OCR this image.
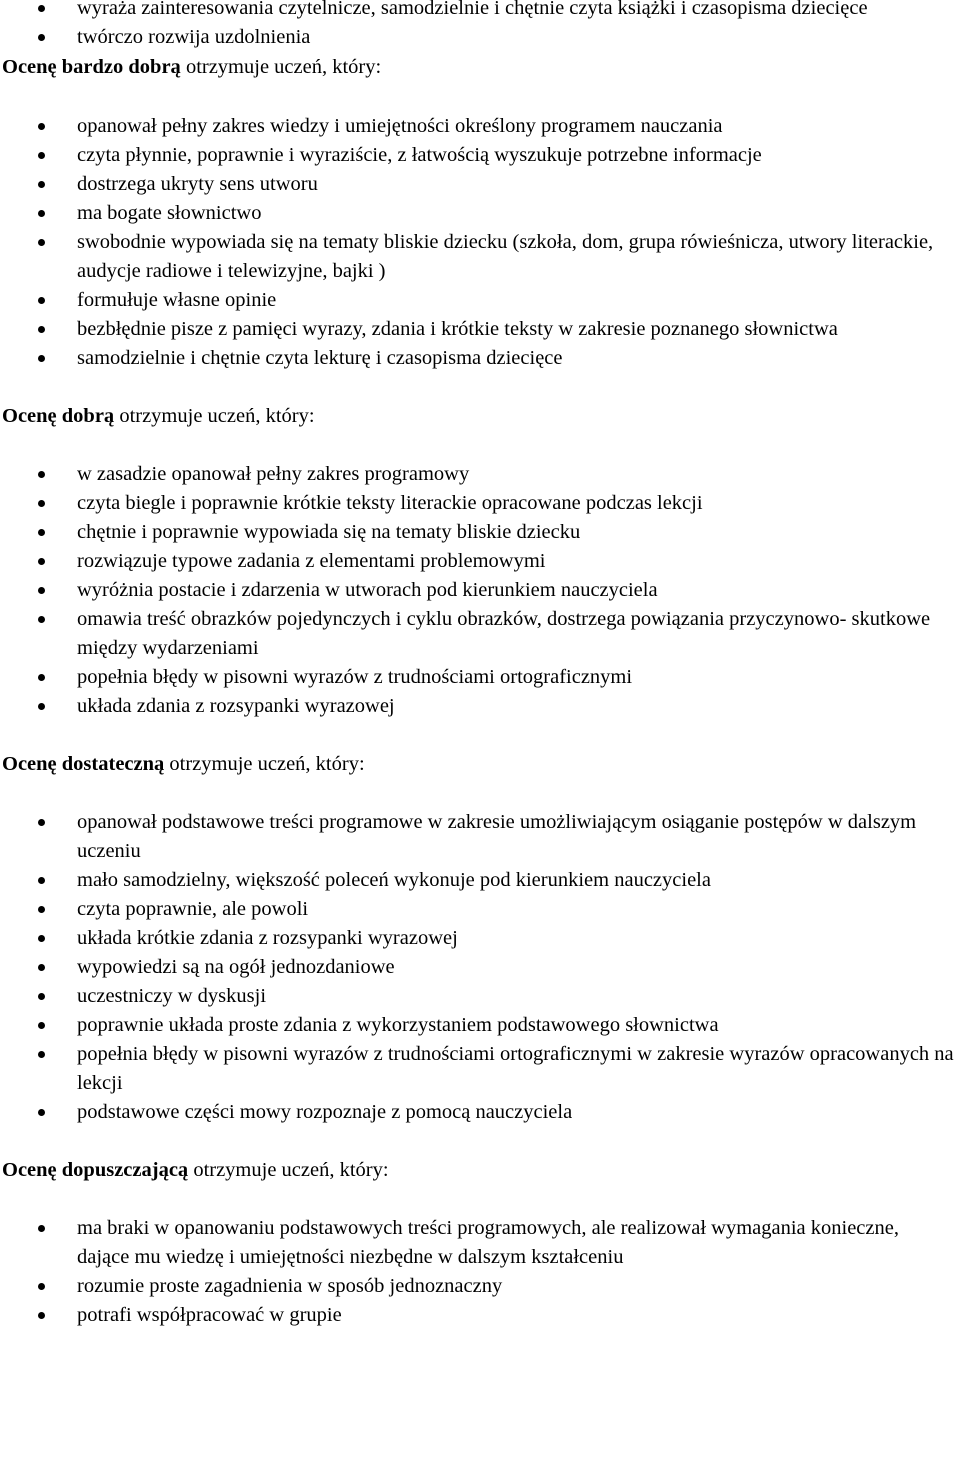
wyraża zainteresowania czytelnicze, samodzielnie i chętnie czyta książki i czasopisma dziecięce
twórczo rozwija uzdolnienia

Ocenę bardzo dobrą otrzymuje uczeń, który:

opanował pełny zakres wiedzy i umiejętności określony programem nauczania
czyta płynnie, poprawnie i wyraziście, z łatwością wyszukuje potrzebne informacje
dostrzega ukryty sens utworu
ma bogate słownictwo
swobodnie wypowiada się na tematy bliskie dziecku (szkoła, dom, grupa rówieśnicza, utwory literackie, audycje radiowe i telewizyjne, bajki )
formułuje własne opinie
bezbłędnie pisze z pamięci wyrazy, zdania i krótkie teksty w zakresie poznanego słownictwa
samodzielnie i chętnie czyta lekturę i czasopisma dziecięce

Ocenę dobrą otrzymuje uczeń, który:

w zasadzie opanował pełny zakres programowy
czyta biegle i poprawnie krótkie teksty literackie opracowane podczas lekcji
chętnie i poprawnie wypowiada się na tematy bliskie dziecku
rozwiązuje typowe zadania z elementami problemowymi
wyróżnia postacie i zdarzenia w utworach pod kierunkiem nauczyciela
omawia treść obrazków pojedynczych i cyklu obrazków, dostrzega powiązania przyczynowo- skutkowe między wydarzeniami
popełnia błędy w pisowni wyrazów z trudnościami ortograficznymi
układa zdania z rozsypanki wyrazowej

Ocenę dostateczną otrzymuje uczeń, który:

opanował podstawowe treści programowe w zakresie umożliwiającym osiąganie postępów w dalszym uczeniu
mało samodzielny, większość poleceń wykonuje pod kierunkiem nauczyciela
czyta poprawnie, ale powoli
układa krótkie zdania z rozsypanki wyrazowej
wypowiedzi są na ogół jednozdaniowe
uczestniczy w dyskusji
poprawnie układa proste zdania z wykorzystaniem podstawowego słownictwa
popełnia błędy w pisowni wyrazów z trudnościami ortograficznymi w zakresie wyrazów opracowanych na lekcji
podstawowe części mowy rozpoznaje z pomocą nauczyciela

Ocenę dopuszczającą otrzymuje uczeń, który:

ma braki w opanowaniu podstawowych treści programowych, ale realizował wymagania konieczne, dające mu wiedzę i umiejętności niezbędne w dalszym kształceniu
rozumie proste zagadnienia w sposób jednoznaczny
potrafi współpracować w grupie
